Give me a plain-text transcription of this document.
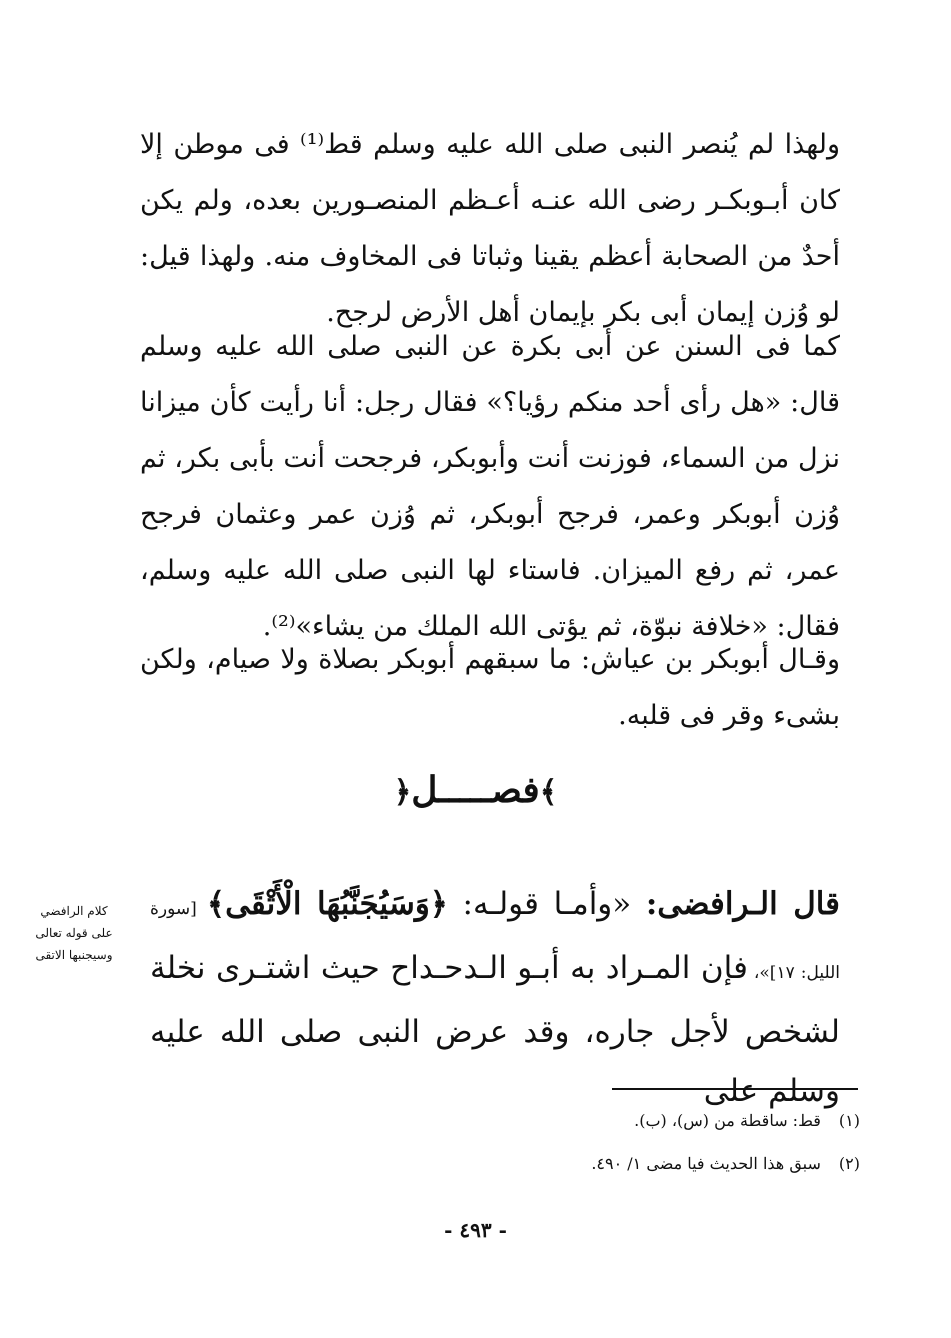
ولهذا لم يُنصر النبى صلى الله عليه وسلم قط⁽¹⁾ فى موطن إلا كان أبـوبكـر رضى الله عنـه أعـظم المنصـورين بعده، ولم يكن أحدٌ من الصحابة أعظم يقينا وثباتا فى المخاوف منه. ولهذا قيل: لو وُزن إيمان أبى بكر بإيمان أهل الأرض لرجح.

كما فى السنن عن أبى بكرة عن النبى صلى الله عليه وسلم قال: «هل رأى أحد منكم رؤيا؟» فقال رجل: أنا رأيت كأن ميزانا نزل من السماء، فوزنت أنت وأبوبكر، فرجحت أنت بأبى بكر، ثم وُزن أبوبكر وعمر، فرجح أبوبكر، ثم وُزن عمر وعثمان فرجح عمر، ثم رفع الميزان. فاستاء لها النبى صلى الله عليه وسلم، فقال: «خلافة نبوّة، ثم يؤتى الله الملك من يشاء»⁽²⁾.

وقـال أبوبكر بن عياش: ما سبقهم أبوبكر بصلاة ولا صيام، ولكن بشىء وقر فى قلبه.

﴾فصـــــل﴿
كلام الرافضي
على قوله تعالى
وسيجنبها الاتقى

قال الـرافضى: «وأمـا قولـه: ﴿وَسَيُجَنَّبُهَا الْأَتْقَى﴾ [سورة الليل: ١٧]»، فإن المـراد به أبـو الـدحـداح حيث اشتـرى نخلة لشخص لأجل جاره، وقد عرض النبى صلى الله عليه وسلم على

(١)قط: ساقطة من (س)، (ب).
(٢)سبق هذا الحديث فيا مضى ١/ ٤٩٠.
- ٤٩٣ -
